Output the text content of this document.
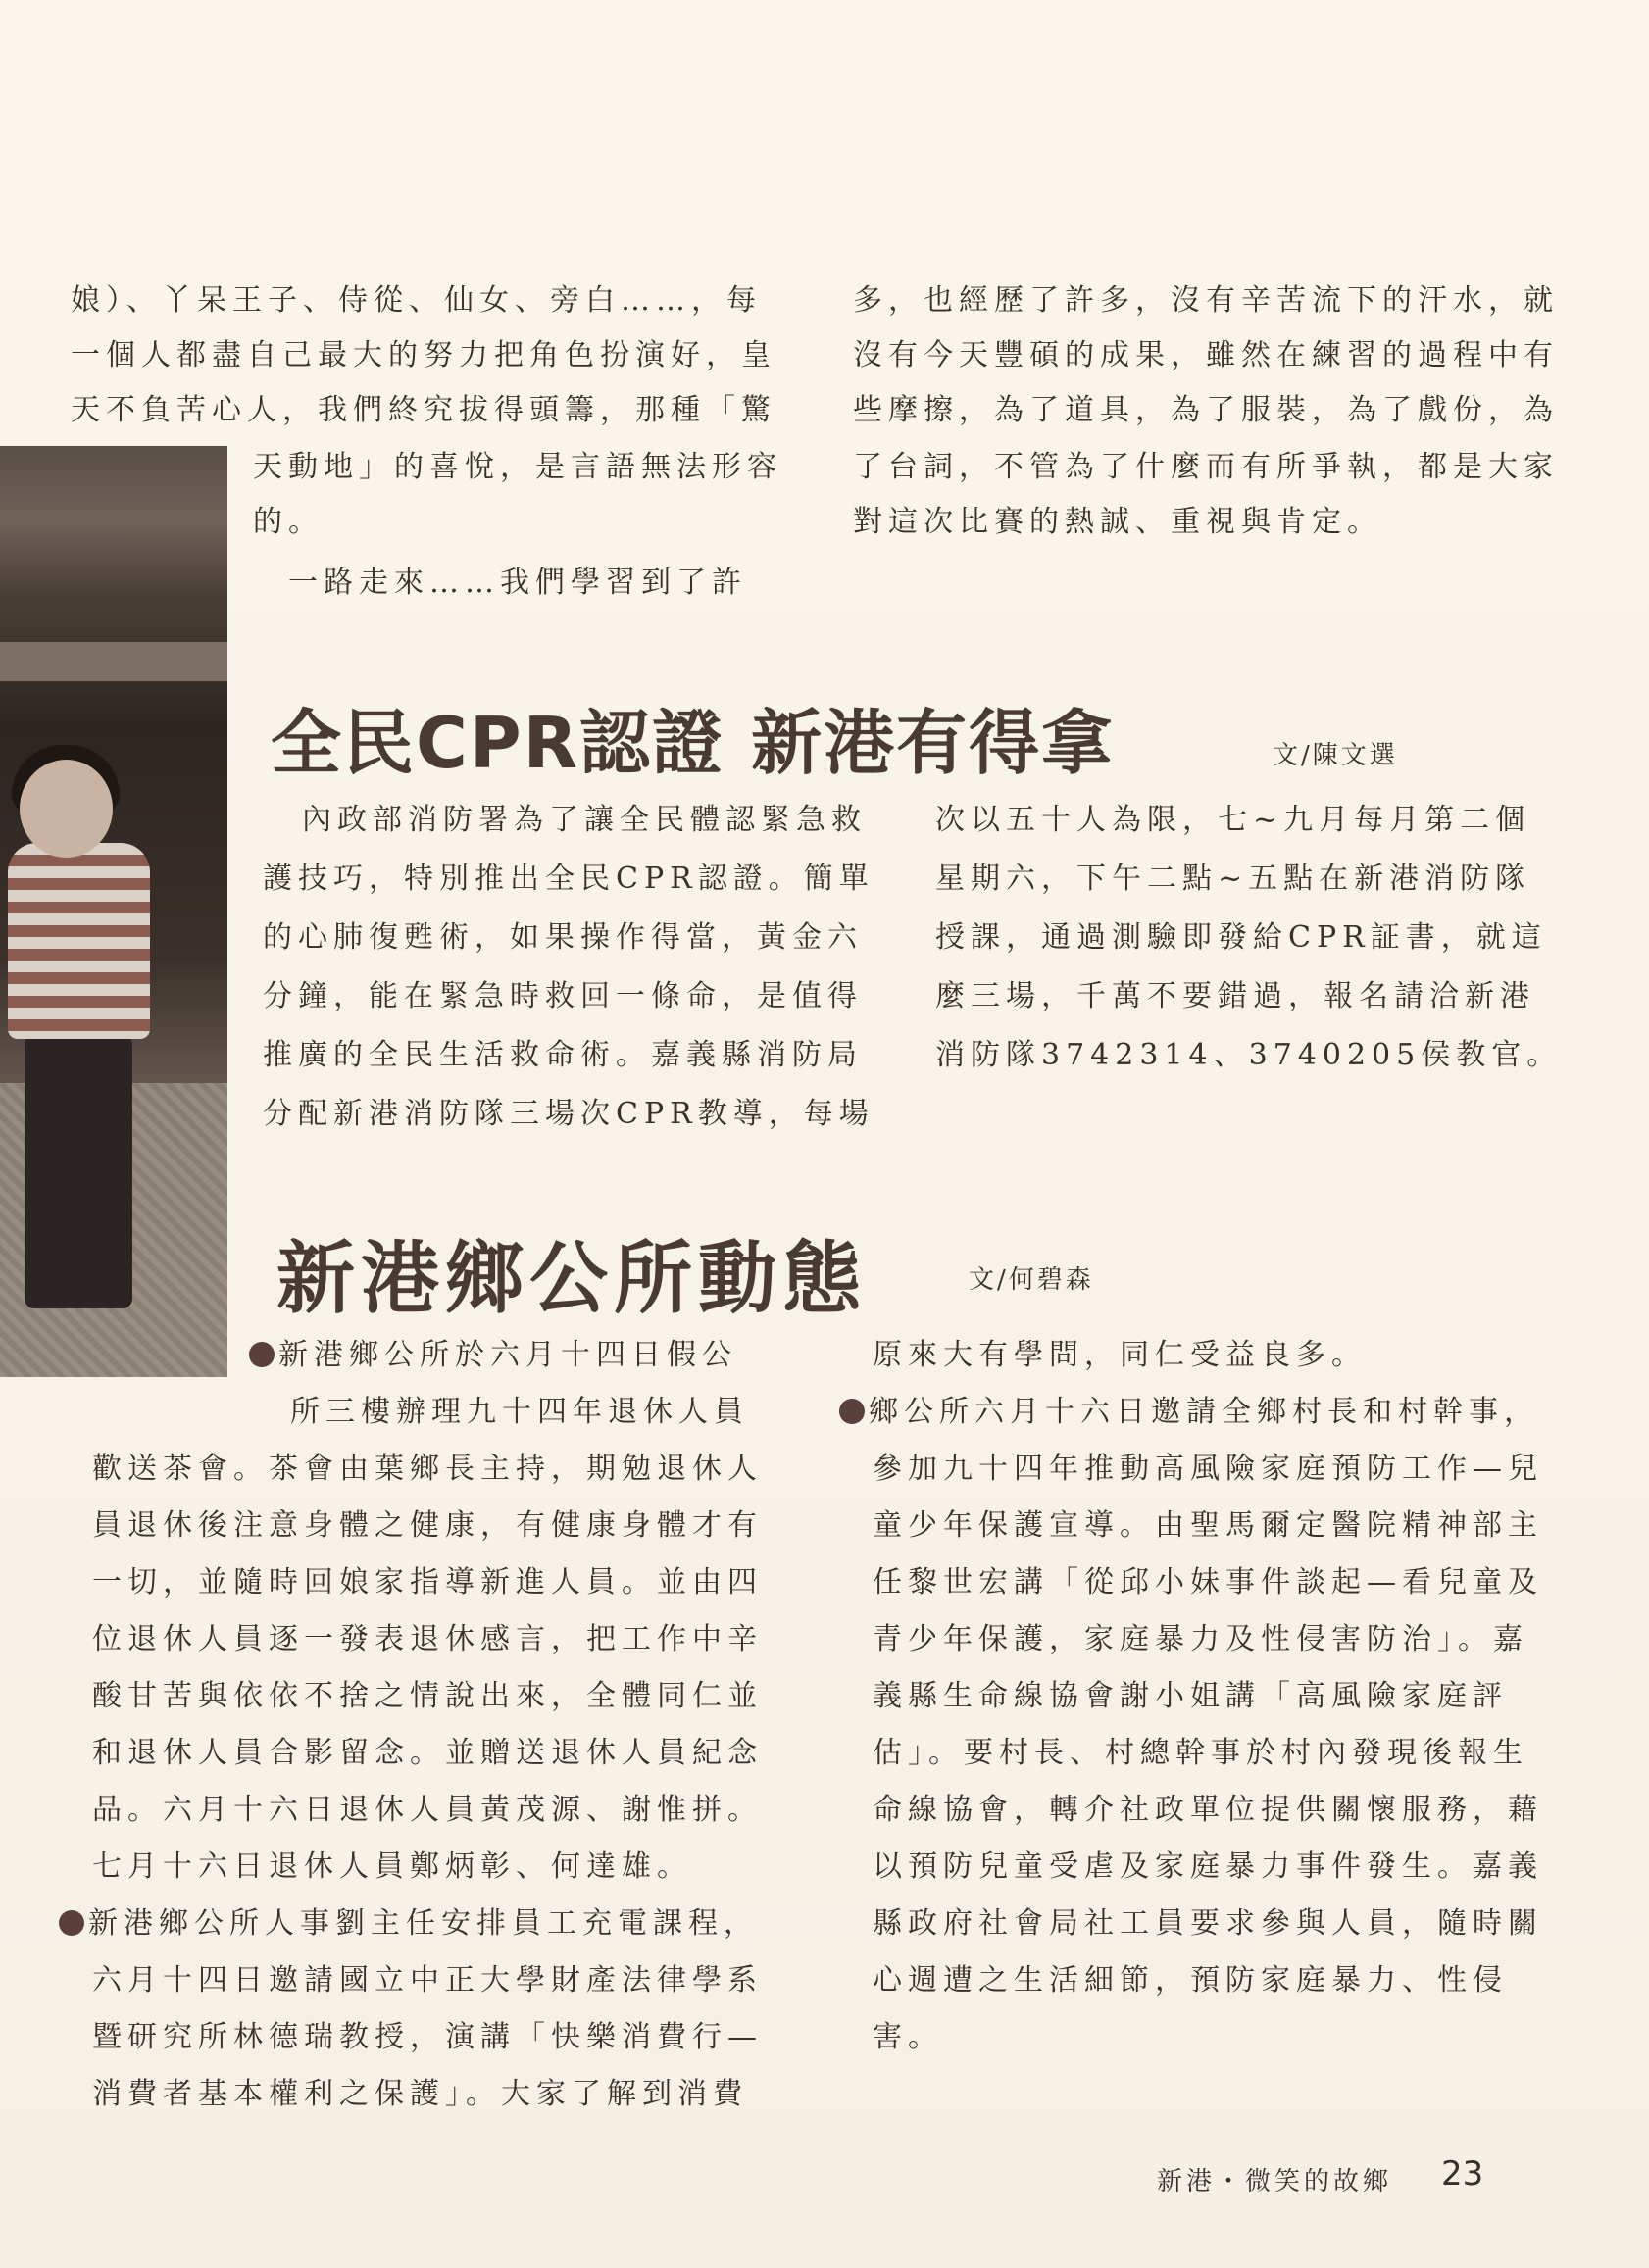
娘）、丫呆王子、侍從、仙女、旁白……，每
一個人都盡自己最大的努力把角色扮演好，皇
天不負苦心人，我們終究拔得頭籌，那種「驚
天動地」的喜悅，是言語無法形容
的。
一路走來……我們學習到了許
多，也經歷了許多，沒有辛苦流下的汗水，就
沒有今天豐碩的成果，雖然在練習的過程中有
些摩擦，為了道具，為了服裝，為了戲份，為
了台詞，不管為了什麼而有所爭執，都是大家
對這次比賽的熱誠、重視與肯定。
全民CPR認證 新港有得拿	文/陳文選
內政部消防署為了讓全民體認緊急救
護技巧，特別推出全民CPR認證。簡單
的心肺復甦術，如果操作得當，黃金六
分鐘，能在緊急時救回一條命，是值得
推廣的全民生活救命術。嘉義縣消防局
分配新港消防隊三場次CPR教導，每場
次以五十人為限，七~九月每月第二個
星期六，下午二點~五點在新港消防隊
授課，通過測驗即發給CPR証書，就這
麼三場，千萬不要錯過，報名請洽新港
消防隊3742314、3740205侯教官。
新港鄉公所動態	文/何碧森
新港鄉公所於六月十四日假公
所三樓辦理九十四年退休人員
歡送茶會。茶會由葉鄉長主持，期勉退休人
員退休後注意身體之健康，有健康身體才有
一切，並隨時回娘家指導新進人員。並由四
位退休人員逐一發表退休感言，把工作中辛
酸甘苦與依依不捨之情說出來，全體同仁並
和退休人員合影留念。並贈送退休人員紀念
品。六月十六日退休人員黃茂源、謝惟拼。
七月十六日退休人員鄭炳彰、何達雄。
新港鄉公所人事劉主任安排員工充電課程，
六月十四日邀請國立中正大學財產法律學系
暨研究所林德瑞教授，演講「快樂消費行—
消費者基本權利之保護」。大家了解到消費
原來大有學問，同仁受益良多。
鄉公所六月十六日邀請全鄉村長和村幹事，
參加九十四年推動高風險家庭預防工作—兒
童少年保護宣導。由聖馬爾定醫院精神部主
任黎世宏講「從邱小妹事件談起—看兒童及
青少年保護，家庭暴力及性侵害防治」。嘉
義縣生命線協會謝小姐講「高風險家庭評
估」。要村長、村總幹事於村內發現後報生
命線協會，轉介社政單位提供關懷服務，藉
以預防兒童受虐及家庭暴力事件發生。嘉義
縣政府社會局社工員要求參與人員，隨時關
心週遭之生活細節，預防家庭暴力、性侵
害。
新港・微笑的故鄉 23
